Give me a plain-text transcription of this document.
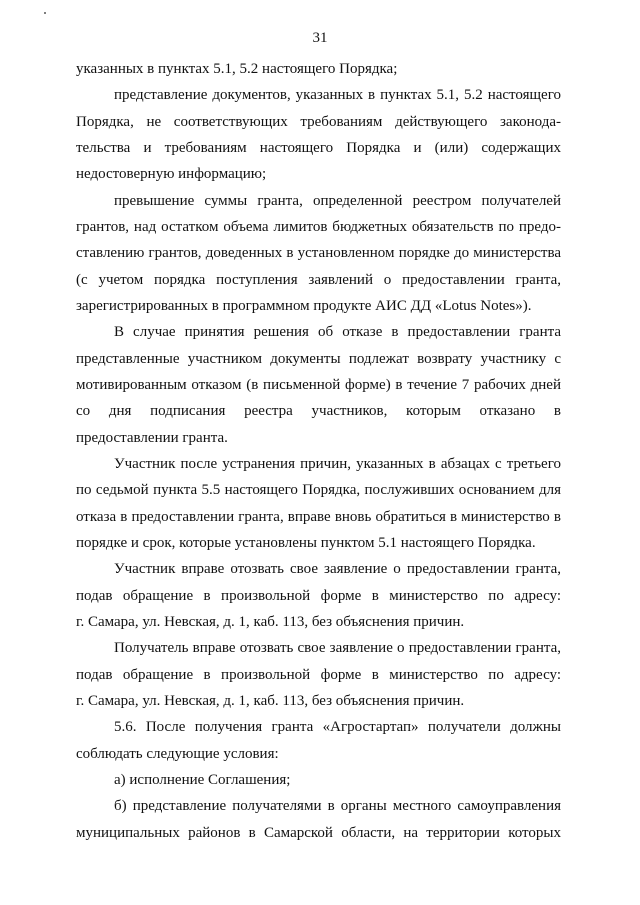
31
указанных в пунктах 5.1, 5.2 настоящего Порядка;
представление документов, указанных в пунктах 5.1, 5.2 настоящего
Порядка, не соответствующих требованиям действующего законода-
тельства и требованиям настоящего Порядка и (или) содержащих
недостоверную информацию;
превышение суммы гранта, определенной реестром получателей
грантов, над остатком объема лимитов бюджетных обязательств по предо-
ставлению грантов, доведенных в установленном порядке до министерства
(с учетом порядка поступления заявлений о предоставлении гранта,
зарегистрированных в программном продукте АИС ДД «Lotus Notes»).
В случае принятия решения об отказе в предоставлении гранта
представленные участником документы подлежат возврату участнику с
мотивированным отказом (в письменной форме) в течение 7 рабочих дней
со дня подписания реестра участников, которым отказано в
предоставлении гранта.
Участник после устранения причин, указанных в абзацах с третьего
по седьмой пункта 5.5 настоящего Порядка, послуживших основанием для
отказа в предоставлении гранта, вправе вновь обратиться в министерство в
порядке и срок, которые установлены пунктом 5.1 настоящего Порядка.
Участник вправе отозвать свое заявление о предоставлении гранта,
подав обращение в произвольной форме в министерство по адресу:
г. Самара, ул. Невская, д. 1, каб. 113, без объяснения причин.
Получатель вправе отозвать свое заявление о предоставлении гранта,
подав обращение в произвольной форме в министерство по адресу:
г. Самара, ул. Невская, д. 1, каб. 113, без объяснения причин.
5.6. После получения гранта «Агростартап» получатели должны
соблюдать следующие условия:
а) исполнение Соглашения;
б) представление получателями в органы местного самоуправления
муниципальных районов в Самарской области, на территории которых
